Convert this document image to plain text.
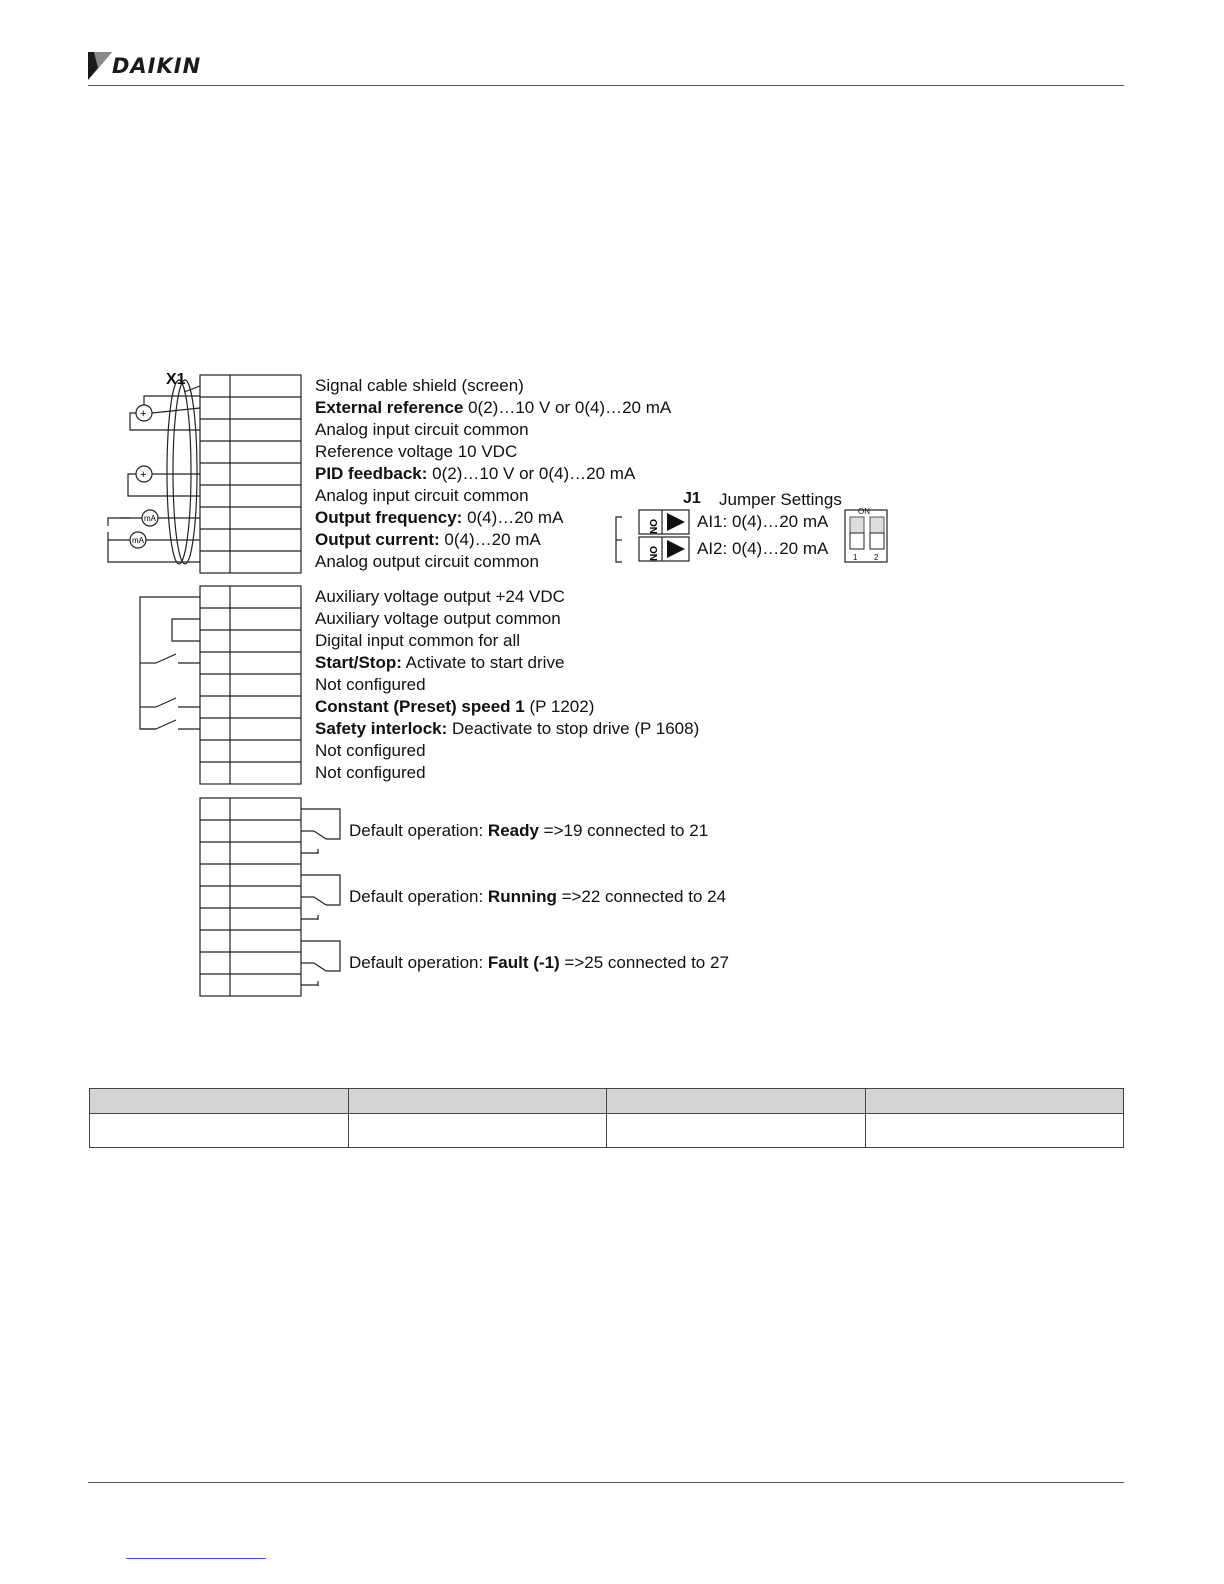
DAIKIN
+
+
mA
mA
ON
ON
X1
J1 Jumper Settings
AI1: 0(4)…20 mA
AI2: 0(4)…20 mA
ON
1 2
Signal cable shield (screen)
External reference 0(2)…10 V or 0(4)…20 mA
Analog input circuit common
Reference voltage 10 VDC
PID feedback: 0(2)…10 V or 0(4)…20 mA
Analog input circuit common
Output frequency: 0(4)…20 mA
Output current: 0(4)…20 mA
Analog output circuit common
Auxiliary voltage output +24 VDC
Auxiliary voltage output common
Digital input common for all
Start/Stop: Activate to start drive
Not configured
Constant (Preset) speed 1 (P 1202)
Safety interlock: Deactivate to stop drive (P 1608)
Not configured
Not configured
Default operation: Ready =>19 connected to 21
Default operation: Running =>22 connected to 24
Default operation: Fault (-1) =>25 connected to 27
